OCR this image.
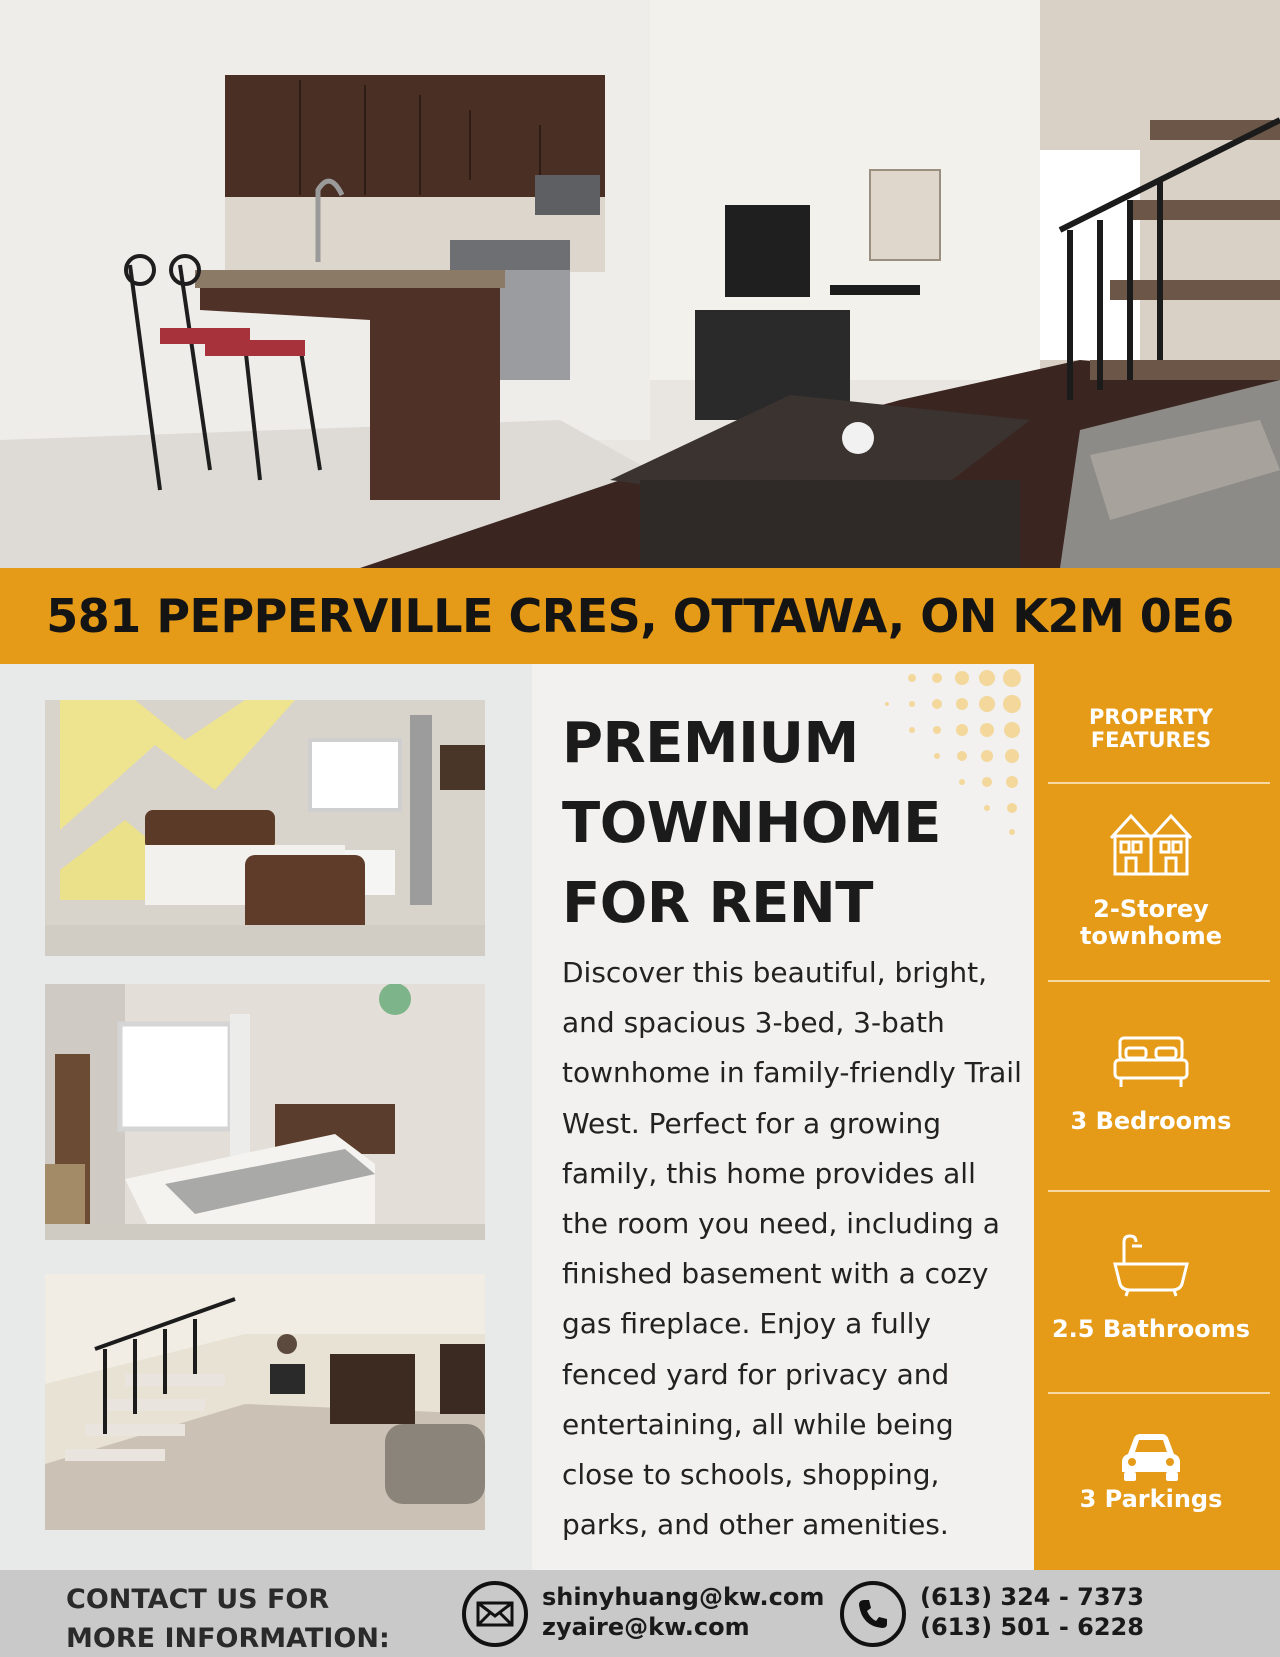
581 PEPPERVILLE CRES, OTTAWA, ON K2M 0E6
PREMIUM
TOWNHOME
FOR RENT

Discover this beautiful, bright, and spacious 3-bed, 3-bath townhome in family-friendly Trail West. Perfect for a growing family, this home provides all the room you need, including a finished basement with a cozy gas fireplace. Enjoy a fully fenced yard for privacy and entertaining, all while being close to schools, shopping, parks, and other amenities.

PROPERTY
FEATURES
2-Storey
townhome
3 Bedrooms
2.5 Bathrooms
3 Parkings
CONTACT US FOR
MORE INFORMATION:
shinyhuang@kw.com
zyaire@kw.com
(613) 324 - 7373
(613) 501 - 6228
